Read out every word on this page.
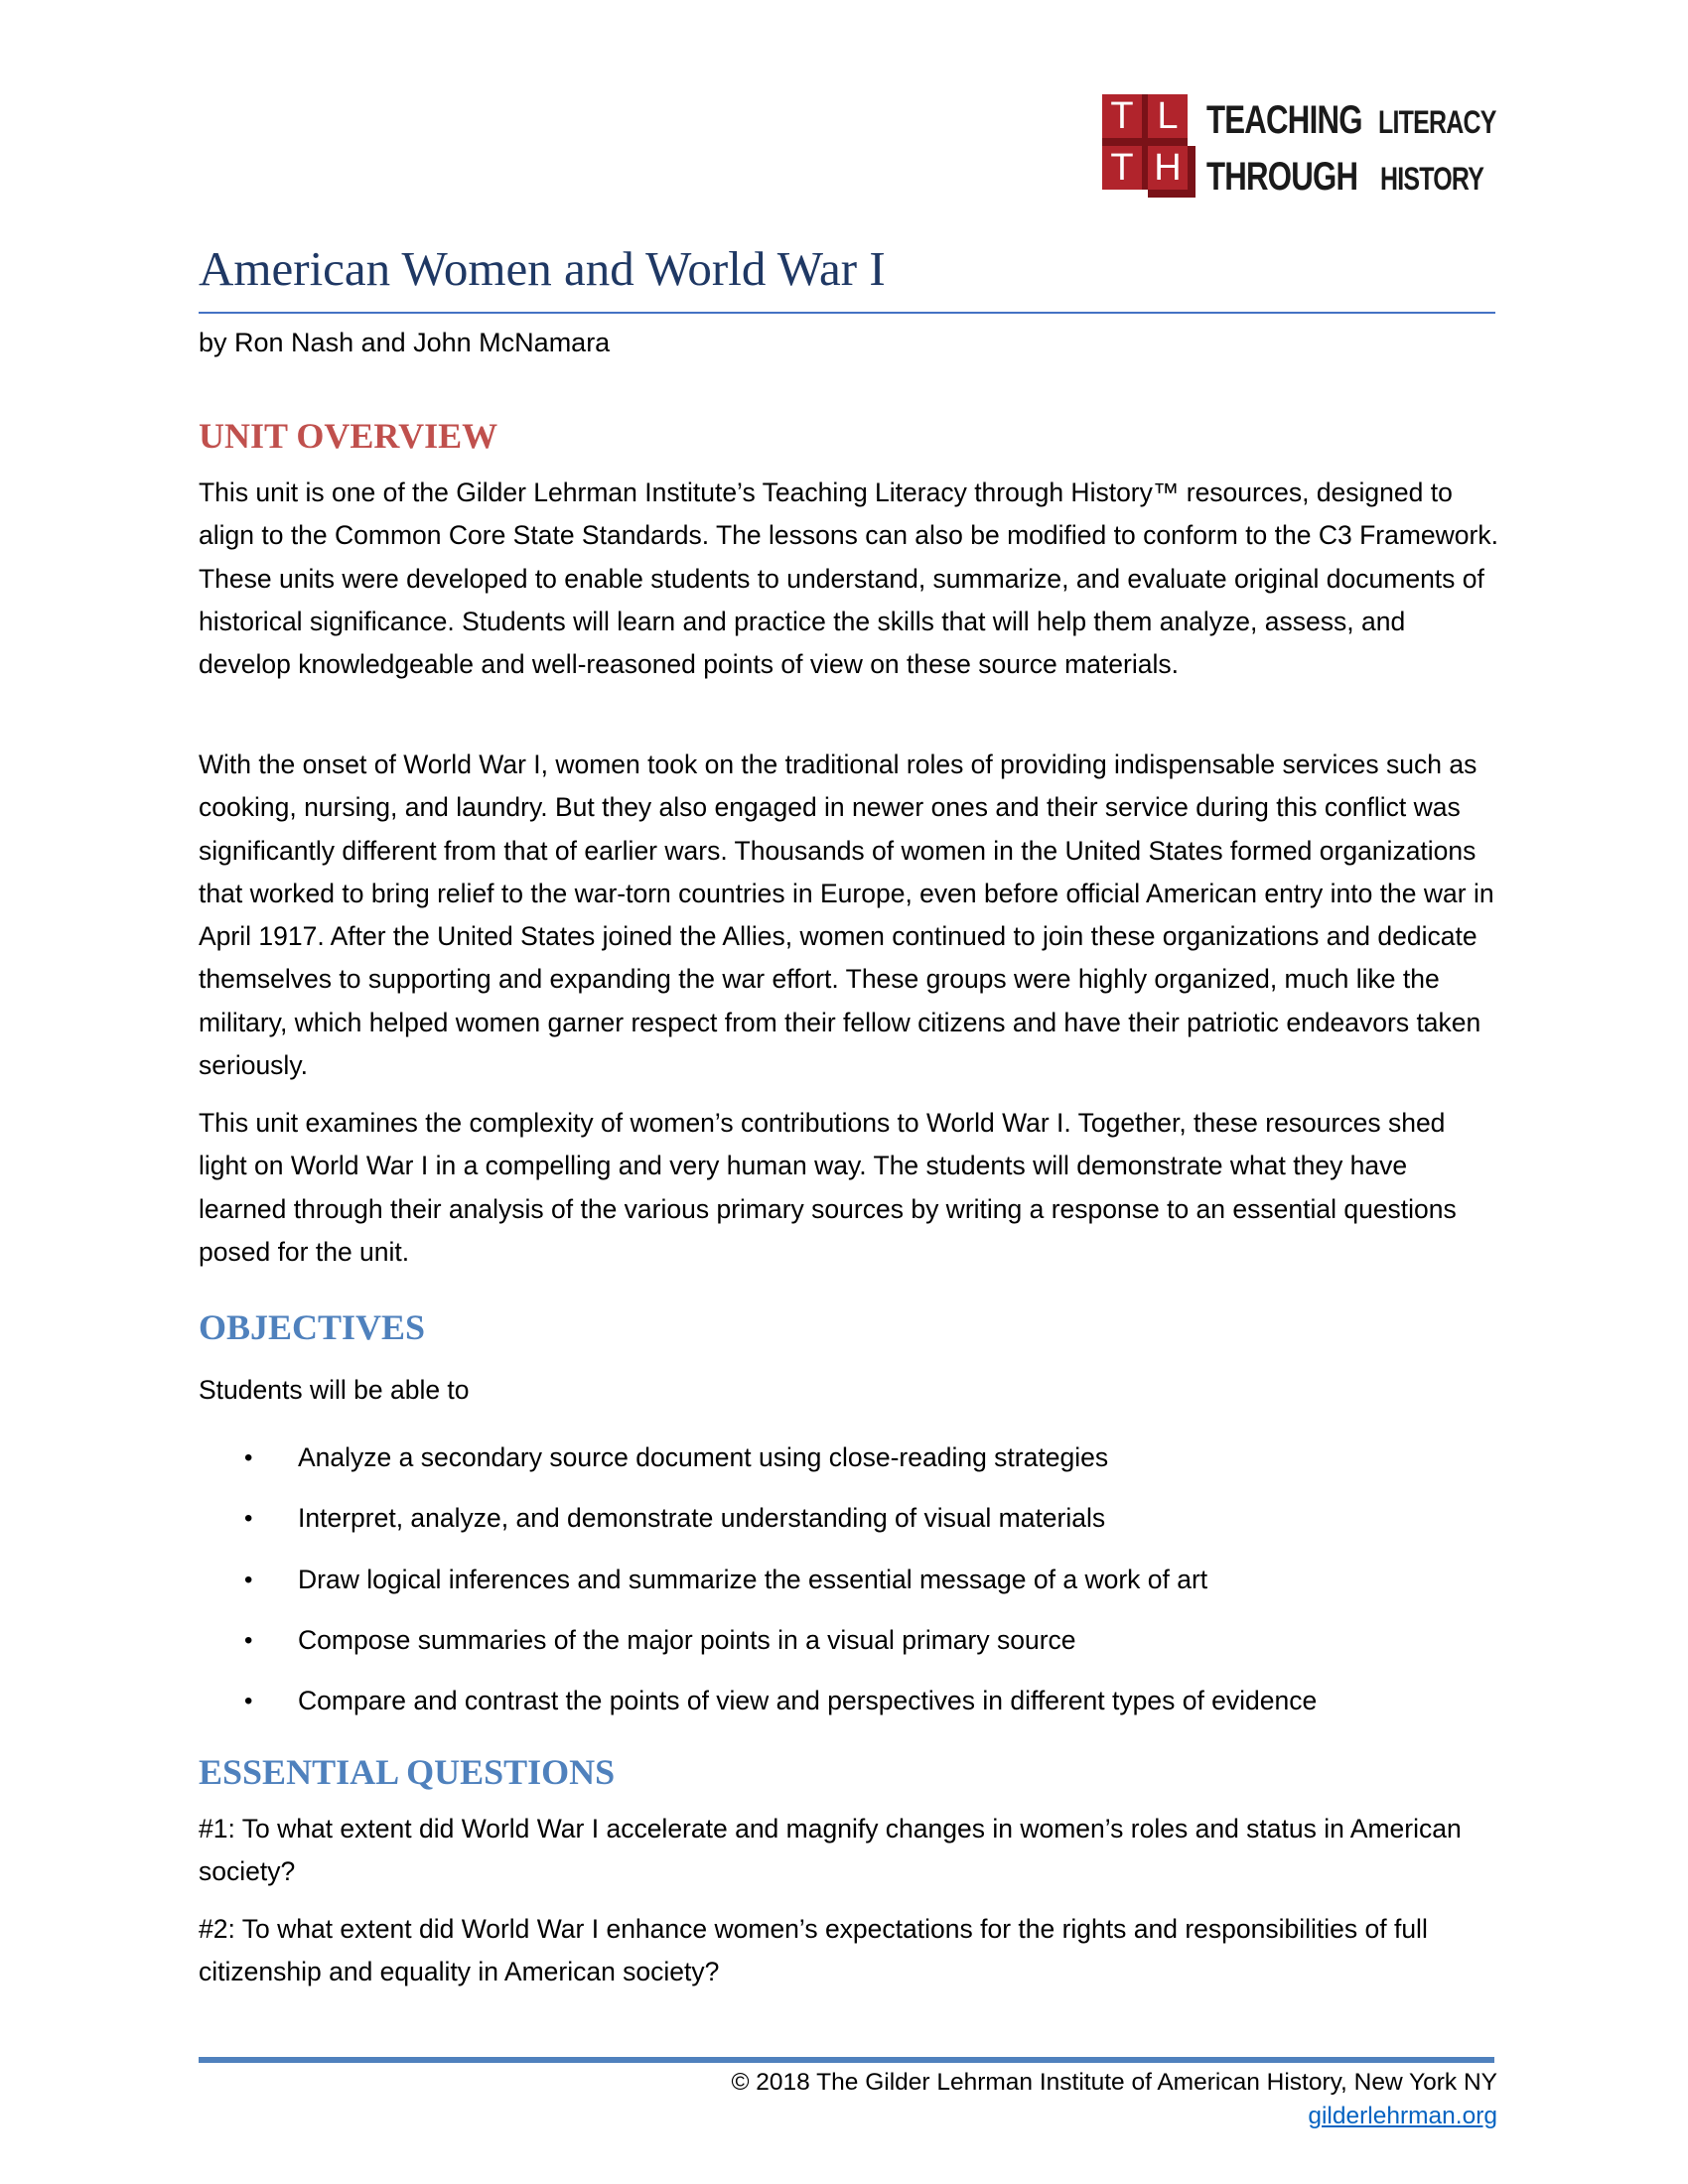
T L
T H
TEACHING LITERACY
THROUGH HISTORY
American Women and World War I
by Ron Nash and John McNamara
UNIT OVERVIEW

This unit is one of the Gilder Lehrman Institute’s Teaching Literacy through History™ resources, designed to align to the Common Core State Standards. The lessons can also be modified to conform to the C3 Framework. These units were developed to enable students to understand, summarize, and evaluate original documents of historical significance. Students will learn and practice the skills that will help them analyze, assess, and develop knowledgeable and well-reasoned points of view on these source materials.

With the onset of World War I, women took on the traditional roles of providing indispensable services such as cooking, nursing, and laundry. But they also engaged in newer ones and their service during this conflict was significantly different from that of earlier wars. Thousands of women in the United States formed organizations that worked to bring relief to the war-torn countries in Europe, even before official American entry into the war in April 1917. After the United States joined the Allies, women continued to join these organizations and dedicate themselves to supporting and expanding the war effort. These groups were highly organized, much like the military, which helped women garner respect from their fellow citizens and have their patriotic endeavors taken seriously.

This unit examines the complexity of women’s contributions to World War I. Together, these resources shed light on World War I in a compelling and very human way. The students will demonstrate what they have learned through their analysis of the various primary sources by writing a response to an essential questions posed for the unit.

OBJECTIVES
Students will be able to
• Analyze a secondary source document using close-reading strategies
• Interpret, analyze, and demonstrate understanding of visual materials
• Draw logical inferences and summarize the essential message of a work of art
• Compose summaries of the major points in a visual primary source
• Compare and contrast the points of view and perspectives in different types of evidence
ESSENTIAL QUESTIONS

#1: To what extent did World War I accelerate and magnify changes in women’s roles and status in American society?

#2: To what extent did World War I enhance women’s expectations for the rights and responsibilities of full citizenship and equality in American society?

© 2018 The Gilder Lehrman Institute of American History, New York NY
gilderlehrman.org
